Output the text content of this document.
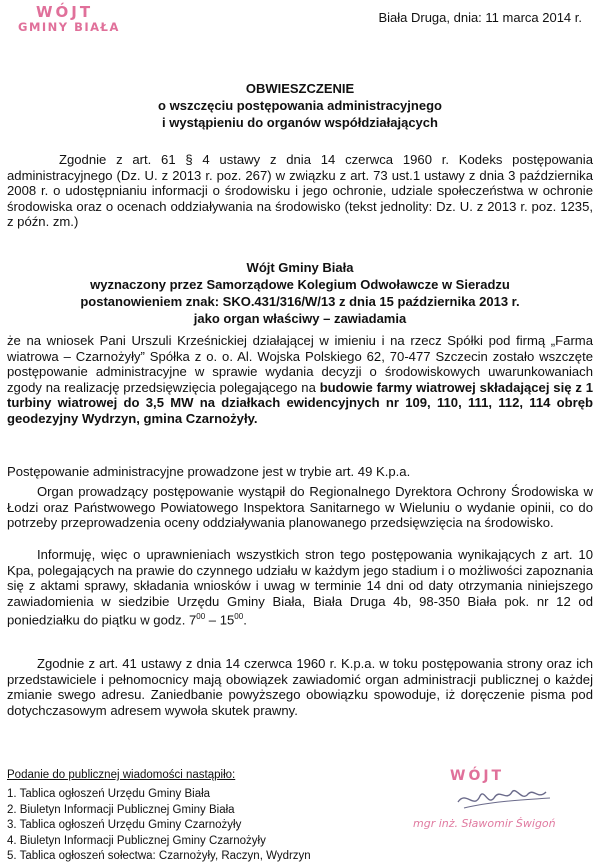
WÓJT
GMINY BIAŁA
Biała Druga, dnia: 11 marca 2014 r.
OBWIESZCZENIE
o wszczęciu postępowania administracyjnego
i wystąpieniu do organów współdziałających
Zgodnie z art. 61 § 4 ustawy z dnia 14 czerwca 1960 r. Kodeks postępowania administracyjnego (Dz. U. z 2013 r. poz. 267) w związku z art. 73 ust.1 ustawy z dnia 3 października 2008 r. o udostępnianiu informacji o środowisku i jego ochronie, udziale społeczeństwa w ochronie środowiska oraz o ocenach oddziaływania na środowisko (tekst jednolity: Dz. U. z 2013 r. poz. 1235, z późn. zm.)
Wójt Gminy Biała
wyznaczony przez Samorządowe Kolegium Odwoławcze w Sieradzu
postanowieniem znak: SKO.431/316/W/13 z dnia 15 października 2013 r.
jako organ właściwy – zawiadamia
że na wniosek Pani Urszuli Krześnickiej działającej w imieniu i na rzecz Spółki pod firmą „Farma wiatrowa – Czarnożyły” Spółka z o. o. Al. Wojska Polskiego 62, 70-477 Szczecin zostało wszczęte postępowanie administracyjne w sprawie wydania decyzji o środowiskowych uwarunkowaniach zgody na realizację przedsięwzięcia polegającego na budowie farmy wiatrowej składającej się z 1 turbiny wiatrowej do 3,5 MW na działkach ewidencyjnych nr 109, 110, 111, 112, 114 obręb geodezyjny Wydrzyn, gmina Czarnożyły.
Postępowanie administracyjne prowadzone jest w trybie art. 49 K.p.a.
Organ prowadzący postępowanie wystąpił do Regionalnego Dyrektora Ochrony Środowiska w Łodzi oraz Państwowego Powiatowego Inspektora Sanitarnego w Wieluniu o wydanie opinii, co do potrzeby przeprowadzenia oceny oddziaływania planowanego przedsięwzięcia na środowisko.
Informuję, więc o uprawnieniach wszystkich stron tego postępowania wynikających z art. 10 Kpa, polegających na prawie do czynnego udziału w każdym jego stadium i o możliwości zapoznania się z aktami sprawy, składania wniosków i uwag w terminie 14 dni od daty otrzymania niniejszego zawiadomienia w siedzibie Urzędu Gminy Biała, Biała Druga 4b, 98-350 Biała pok. nr 12 od poniedziałku do piątku w godz. $7^{00} - 15^{00}$.
Zgodnie z art. 41 ustawy z dnia 14 czerwca 1960 r. K.p.a. w toku postępowania strony oraz ich przedstawiciele i pełnomocnicy mają obowiązek zawiadomić organ administracji publicznej o każdej zmianie swego adresu. Zaniedbanie powyższego obowiązku spowoduje, iż doręczenie pisma pod dotychczasowym adresem wywoła skutek prawny.
Podanie do publicznej wiadomości nastąpiło:
1. Tablica ogłoszeń Urzędu Gminy Biała
2. Biuletyn Informacji Publicznej Gminy Biała
3. Tablica ogłoszeń Urzędu Gminy Czarnożyły
4. Biuletyn Informacji Publicznej Gminy Czarnożyły
5. Tablica ogłoszeń sołectwa: Czarnożyły, Raczyn, Wydrzyn
WÓJT
mgr inż. Sławomir Świgoń
